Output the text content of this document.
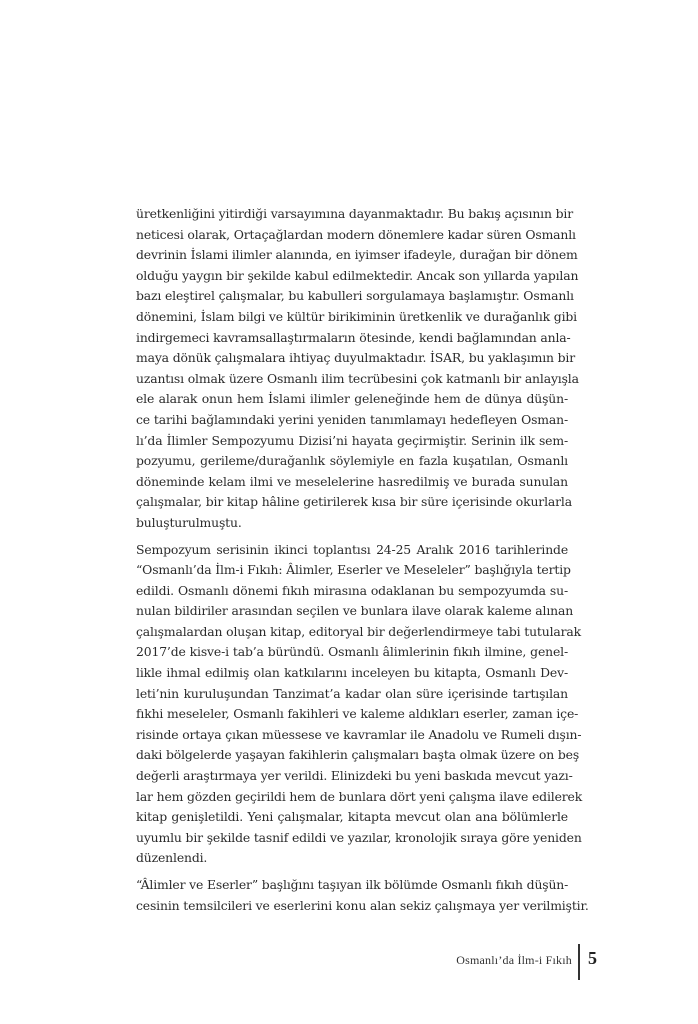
üretkenliğini yitirdiği varsayımına dayanmaktadır. Bu bakış açısının bir
neticesi olarak, Ortaçağlardan modern dönemlere kadar süren Osmanlı
devrinin İslami ilimler alanında, en iyimser ifadeyle, durağan bir dönem
olduğu yaygın bir şekilde kabul edilmektedir. Ancak son yıllarda yapılan
bazı eleştirel çalışmalar, bu kabulleri sorgulamaya başlamıştır. Osmanlı
dönemini, İslam bilgi ve kültür birikiminin üretkenlik ve durağanlık gibi
indirgemeci kavramsallaştırmaların ötesinde, kendi bağlamından anla-
maya dönük çalışmalara ihtiyaç duyulmaktadır. İSAR, bu yaklaşımın bir
uzantısı olmak üzere Osmanlı ilim tecrübesini çok katmanlı bir anlayışla
ele alarak onun hem İslami ilimler geleneğinde hem de dünya düşün-
ce tarihi bağlamındaki yerini yeniden tanımlamayı hedefleyen Osman-
lı’da İlimler Sempozyumu Dizisi’ni hayata geçirmiştir. Serinin ilk sem-
pozyumu, gerileme/durağanlık söylemiyle en fazla kuşatılan, Osmanlı
döneminde kelam ilmi ve meselelerine hasredilmiş ve burada sunulan
çalışmalar, bir kitap hâline getirilerek kısa bir süre içerisinde okurlarla
buluşturulmuştu.

Sempozyum serisinin ikinci toplantısı 24-25 Aralık 2016 tarihlerinde
“Osmanlı’da İlm-i Fıkıh: Âlimler, Eserler ve Meseleler” başlığıyla tertip
edildi. Osmanlı dönemi fıkıh mirasına odaklanan bu sempozyumda su-
nulan bildiriler arasından seçilen ve bunlara ilave olarak kaleme alınan
çalışmalardan oluşan kitap, editoryal bir değerlendirmeye tabi tutularak
2017’de kisve-i tab’a büründü. Osmanlı âlimlerinin fıkıh ilmine, genel-
likle ihmal edilmiş olan katkılarını inceleyen bu kitapta, Osmanlı Dev-
leti’nin kuruluşundan Tanzimat’a kadar olan süre içerisinde tartışılan
fıkhi meseleler, Osmanlı fakihleri ve kaleme aldıkları eserler, zaman içe-
risinde ortaya çıkan müessese ve kavramlar ile Anadolu ve Rumeli dışın-
daki bölgelerde yaşayan fakihlerin çalışmaları başta olmak üzere on beş
değerli araştırmaya yer verildi. Elinizdeki bu yeni baskıda mevcut yazı-
lar hem gözden geçirildi hem de bunlara dört yeni çalışma ilave edilerek
kitap genişletildi. Yeni çalışmalar, kitapta mevcut olan ana bölümlerle
uyumlu bir şekilde tasnif edildi ve yazılar, kronolojik sıraya göre yeniden
düzenlendi.

“Âlimler ve Eserler” başlığını taşıyan ilk bölümde Osmanlı fıkıh düşün-
cesinin temsilcileri ve eserlerini konu alan sekiz çalışmaya yer verilmiştir.

Osmanlı’da İlm-i Fıkıh 5
